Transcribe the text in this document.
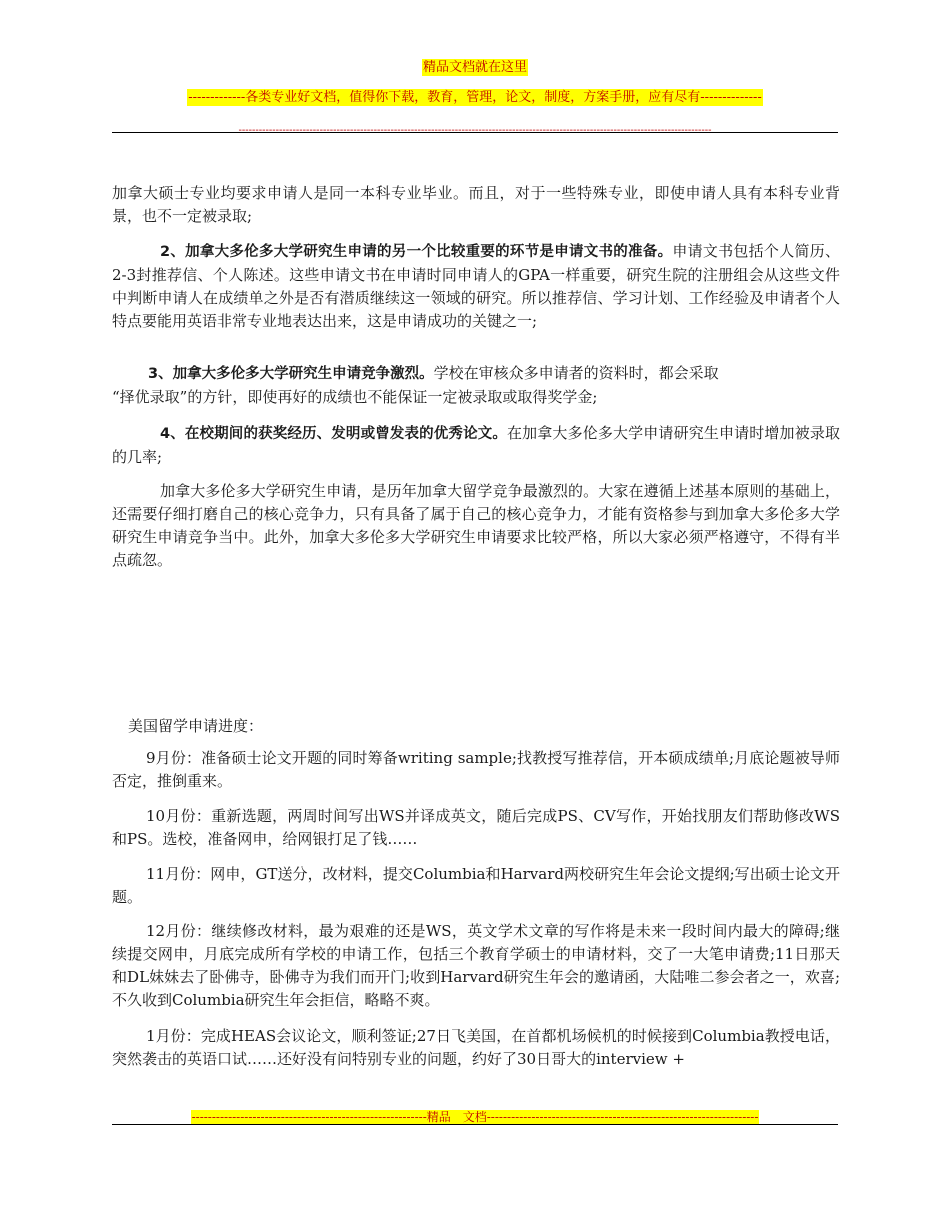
精品文档就在这里
-------------各类专业好文档，值得你下载，教育，管理，论文，制度，方案手册，应有尽有--------------
--------------------------------------------------------------------------------------------------------------------------------------------

加拿大硕士专业均要求申请人是同一本科专业毕业。而且，对于一些特殊专业，即使申请人具有本科专业背景，也不一定被录取;

2、加拿大多伦多大学研究生申请的另一个比较重要的环节是申请文书的准备。申请文书包括个人简历、2-3封推荐信、个人陈述。这些申请文书在申请时同申请人的GPA一样重要，研究生院的注册组会从这些文件中判断申请人在成绩单之外是否有潜质继续这一领域的研究。所以推荐信、学习计划、工作经验及申请者个人特点要能用英语非常专业地表达出来，这是申请成功的关键之一;

3、加拿大多伦多大学研究生申请竞争激烈。学校在审核众多申请者的资料时，都会采取

“择优录取”的方针，即使再好的成绩也不能保证一定被录取或取得奖学金;

4、在校期间的获奖经历、发明或曾发表的优秀论文。在加拿大多伦多大学申请研究生申请时增加被录取的几率;

加拿大多伦多大学研究生申请，是历年加拿大留学竞争最激烈的。大家在遵循上述基本原则的基础上，还需要仔细打磨自己的核心竞争力，只有具备了属于自己的核心竞争力，才能有资格参与到加拿大多伦多大学研究生申请竞争当中。此外，加拿大多伦多大学研究生申请要求比较严格，所以大家必须严格遵守，不得有半点疏忽。

美国留学申请进度：

9月份：准备硕士论文开题的同时筹备writing sample;找教授写推荐信，开本硕成绩单;月底论题被导师否定，推倒重来。

10月份：重新选题，两周时间写出WS并译成英文，随后完成PS、CV写作，开始找朋友们帮助修改WS和PS。选校，准备网申，给网银打足了钱……

11月份：网申，GT送分，改材料，提交Columbia和Harvard两校研究生年会论文提纲;写出硕士论文开题。

12月份：继续修改材料，最为艰难的还是WS，英文学术文章的写作将是未来一段时间内最大的障碍;继续提交网申，月底完成所有学校的申请工作，包括三个教育学硕士的申请材料，交了一大笔申请费;11日那天和DL妹妹去了卧佛寺，卧佛寺为我们而开门;收到Harvard研究生年会的邀请函，大陆唯二参会者之一，欢喜;不久收到Columbia研究生年会拒信，略略不爽。

1月份：完成HEAS会议论文，顺利签证;27日飞美国，在首都机场候机的时候接到Columbia教授电话，突然袭击的英语口试……还好没有问特别专业的问题，约好了30日哥大的interview +

----------------------------------------------------------精品　文档-------------------------------------------------------------------
